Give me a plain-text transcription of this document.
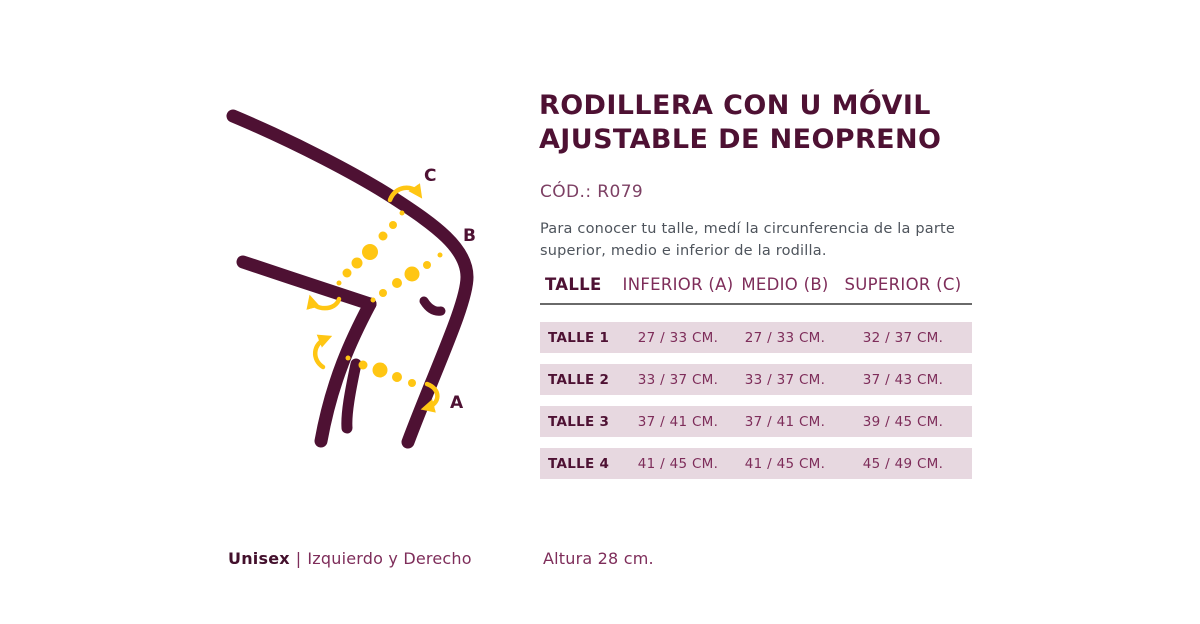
C
B
A
RODILLERA CON U MÓVIL
AJUSTABLE DE NEOPRENO
CÓD.: R079
Para conocer tu talle, medí la circunferencia de la parte superior, medio e inferior de la rodilla.
TALLE	INFERIOR (A) MEDIO (B) SUPERIOR (C)
TALLE 1	27 / 33 CM.	27 / 33 CM.	32 / 37 CM.
TALLE 2	33 / 37 CM.	33 / 37 CM.	37 / 43 CM.
TALLE 3	37 / 41 CM.	37 / 41 CM.	39 / 45 CM.
TALLE 4	41 / 45 CM.	41 / 45 CM.	45 / 49 CM.
Unisex | Izquierdo y Derecho	Altura 28 cm.
